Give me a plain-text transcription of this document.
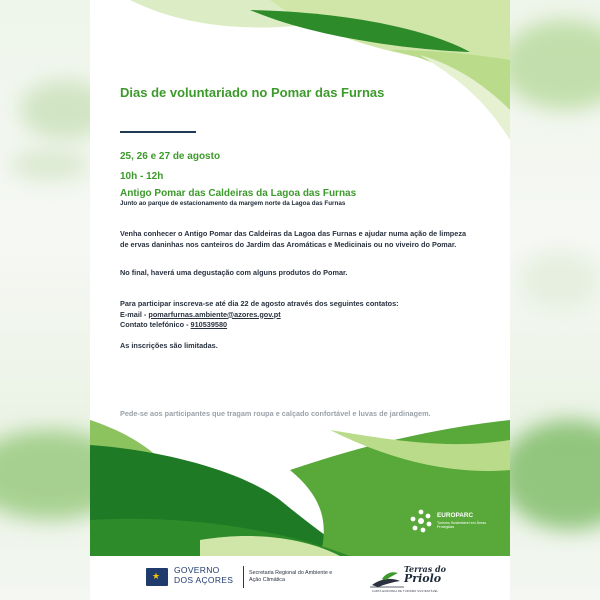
Dias de voluntariado no Pomar das Furnas

25, 26 e 27 de agosto

10h - 12h

Antigo Pomar das Caldeiras da Lagoa das Furnas

Junto ao parque de estacionamento da margem norte da Lagoa das Furnas

Venha conhecer o Antigo Pomar das Caldeiras da Lagoa das Furnas e ajudar numa ação de limpeza de ervas daninhas nos canteiros do Jardim das Aromáticas e Medicinais ou no viveiro do Pomar.

No final, haverá uma degustação com alguns produtos do Pomar.

Para participar inscreva-se até dia 22 de agosto através dos seguintes contatos:

E-mail - pomarfurnas.ambiente@azores.gov.pt

Contato telefónico - 910539580

As inscrições são limitadas.

Pede-se aos participantes que tragam roupa e calçado confortável e luvas de jardinagem.

EUROPARC
Turismo Sustentável em Áreas Protegidas
★
GOVERNO
DOS AÇORES
Secretaria Regional do Ambiente e Ação Climática
Terras do
Priolo
CARTA EUROPEIA DE TURISMO SUSTENTÁVEL
